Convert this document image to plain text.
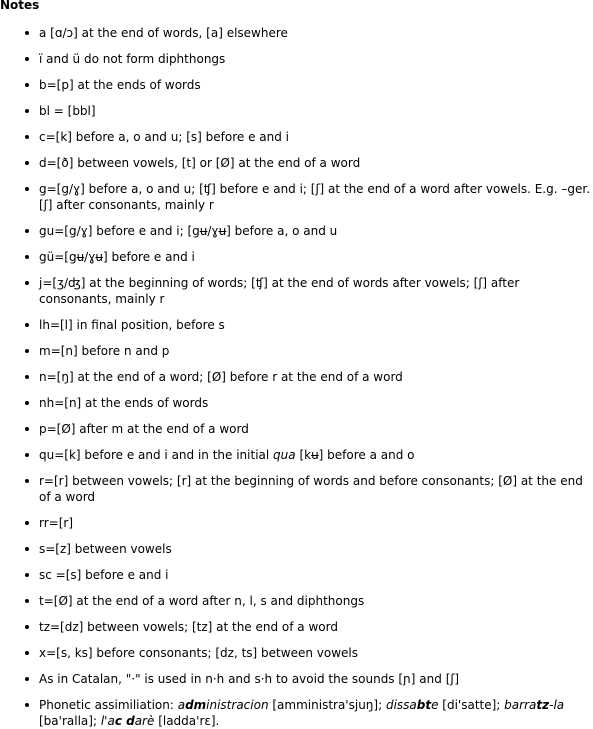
Notes
a [ɑ/ɔ] at the end of words, [a] elsewhere
ï and ü do not form diphthongs
b=[p] at the ends of words
bl = [bbl]
c=[k] before a, o and u; [s] before e and i
d=[ð] between vowels, [t] or [Ø] at the end of a word
g=[g/ɣ] before a, o and u; [ʧ] before e and i; [ʃ] at the end of a word after vowels. E.g. –ger. [ʃ] after consonants, mainly r
gu=[g/ɣ] before e and i; [gʉ/ɣʉ] before a, o and u
gü=[gʉ/ɣʉ] before e and i
j=[ʒ/ʤ] at the beginning of words; [ʧ] at the end of words after vowels; [ʃ] after consonants, mainly r
lh=[l] in final position, before s
m=[n] before n and p
n=[ŋ] at the end of a word; [Ø] before r at the end of a word
nh=[n] at the ends of words
p=[Ø] after m at the end of a word
qu=[k] before e and i and in the initial qua [kʉ] before a and o
r=[r] between vowels; [r] at the beginning of words and before consonants; [Ø] at the end of a word
rr=[r]
s=[z] between vowels
sc =[s] before e and i
t=[Ø] at the end of a word after n, l, s and diphthongs
tz=[dz] between vowels; [tz] at the end of a word
x=[s, ks] before consonants; [dz, ts] between vowels
As in Catalan, "·" is used in n·h and s·h to avoid the sounds [ɲ] and [ʃ]
Phonetic assimiliation: administracion [amministra'sjuŋ]; dissabte [di'satte]; barratz-la [ba'ralla]; l'ac darè [ladda'rɛ].
